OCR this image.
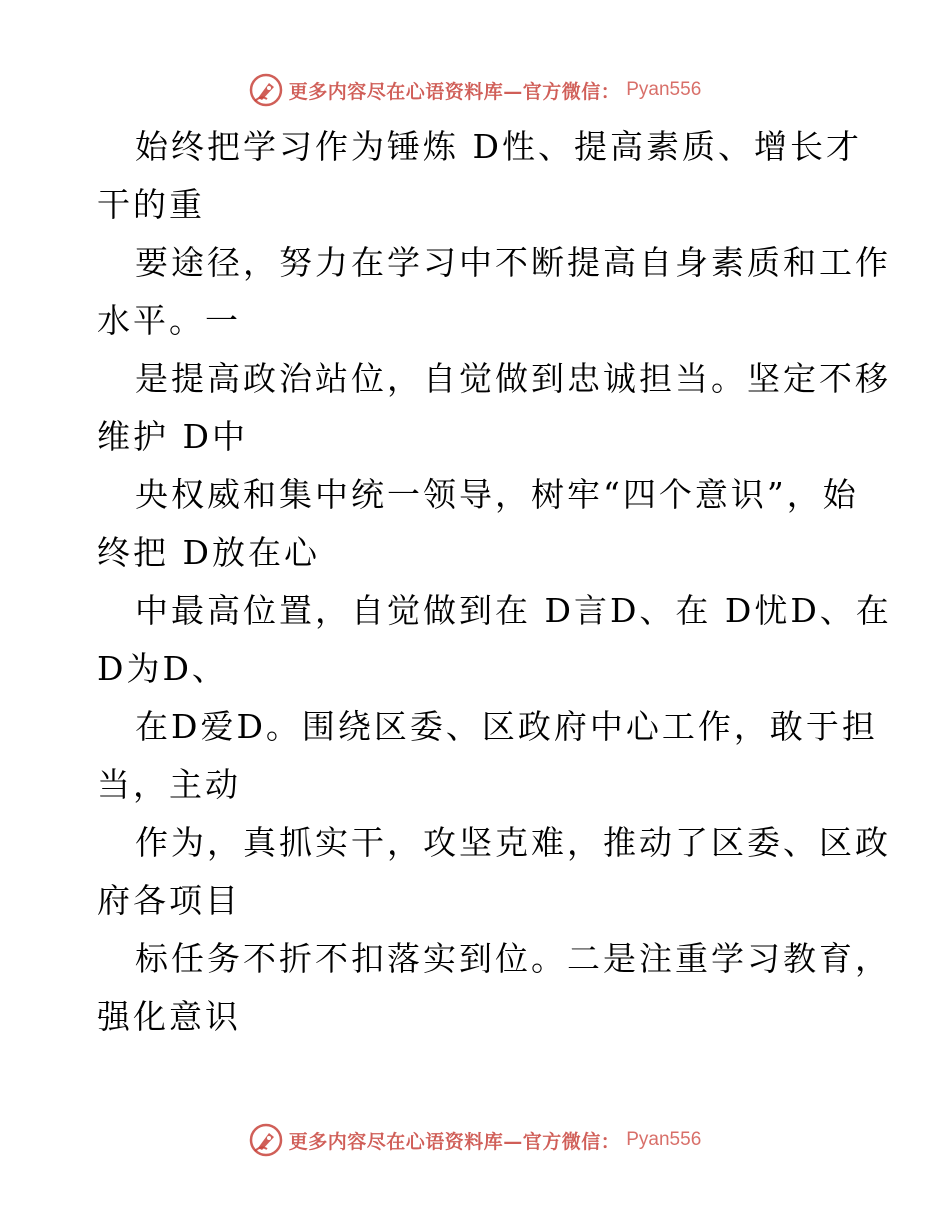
更多内容尽在心语资料库—官方微信： Pyan556

始终把学习作为锤炼 D性、提高素质、增长才
干的重

要途径，努力在学习中不断提高自身素质和工作
水平。一

是提高政治站位，自觉做到忠诚担当。坚定不移
维护 D中

央权威和集中统一领导，树牢“四个意识”，始
终把 D放在心

中最高位置，自觉做到在 D言D、在 D忧D、在
D为D、

在D爱D。围绕区委、区政府中心工作，敢于担
当，主动

作为，真抓实干，攻坚克难，推动了区委、区政
府各项目

标任务不折不扣落实到位。二是注重学习教育，
强化意识

更多内容尽在心语资料库—官方微信： Pyan556
